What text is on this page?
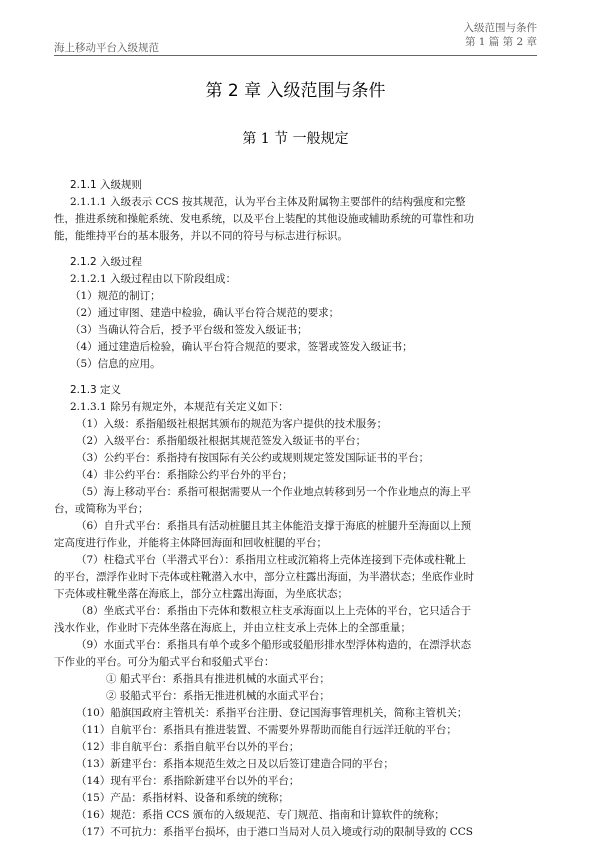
入级范围与条件
第 1 篇 第 2 章
海上移动平台入级规范
第 2 章 入级范围与条件
第 1 节 一般规定
2.1.1 入级规则
2.1.1.1 入级表示 CCS 按其规范，认为平台主体及附属物主要部件的结构强度和完整
性，推进系统和操舵系统、发电系统，以及平台上装配的其他设施或辅助系统的可靠性和功
能，能维持平台的基本服务，并以不同的符号与标志进行标识。
2.1.2 入级过程
2.1.2.1 入级过程由以下阶段组成：
（1）规范的制订；
（2）通过审图、建造中检验，确认平台符合规范的要求；
（3）当确认符合后，授予平台级和签发入级证书；
（4）通过建造后检验，确认平台符合规范的要求，签署或签发入级证书；
（5）信息的应用。
2.1.3 定义
2.1.3.1 除另有规定外，本规范有关定义如下：
（1）入级：系指船级社根据其颁布的规范为客户提供的技术服务；
（2）入级平台：系指船级社根据其规范签发入级证书的平台；
（3）公约平台：系指持有按国际有关公约或规则规定签发国际证书的平台；
（4）非公约平台：系指除公约平台外的平台；
（5）海上移动平台：系指可根据需要从一个作业地点转移到另一个作业地点的海上平
台，或简称为平台；
（6）自升式平台：系指具有活动桩腿且其主体能沿支撑于海底的桩腿升至海面以上预
定高度进行作业，并能将主体降回海面和回收桩腿的平台；
（7）柱稳式平台（半潜式平台）：系指用立柱或沉箱将上壳体连接到下壳体或柱靴上
的平台，漂浮作业时下壳体或柱靴潜入水中，部分立柱露出海面，为半潜状态；坐底作业时
下壳体或柱靴坐落在海底上，部分立柱露出海面，为坐底状态；
（8）坐底式平台：系指由下壳体和数根立柱支承海面以上上壳体的平台，它只适合于
浅水作业，作业时下壳体坐落在海底上，并由立柱支承上壳体上的全部重量；
（9）水面式平台：系指具有单个或多个船形或驳船形排水型浮体构造的，在漂浮状态
下作业的平台。可分为船式平台和驳船式平台：
① 船式平台：系指具有推进机械的水面式平台；
② 驳船式平台：系指无推进机械的水面式平台；
（10）船旗国政府主管机关：系指平台注册、登记国海事管理机关，简称主管机关；
（11）自航平台：系指具有推进装置、不需要外界帮助而能自行远洋迁航的平台；
（12）非自航平台：系指自航平台以外的平台；
（13）新建平台：系指本规范生效之日及以后签订建造合同的平台；
（14）现有平台：系指除新建平台以外的平台；
（15）产品：系指材料、设备和系统的统称；
（16）规范：系指 CCS 颁布的入级规范、专门规范、指南和计算软件的统称；
（17）不可抗力：系指平台损坏，由于港口当局对人员入境或行动的限制导致的 CCS
